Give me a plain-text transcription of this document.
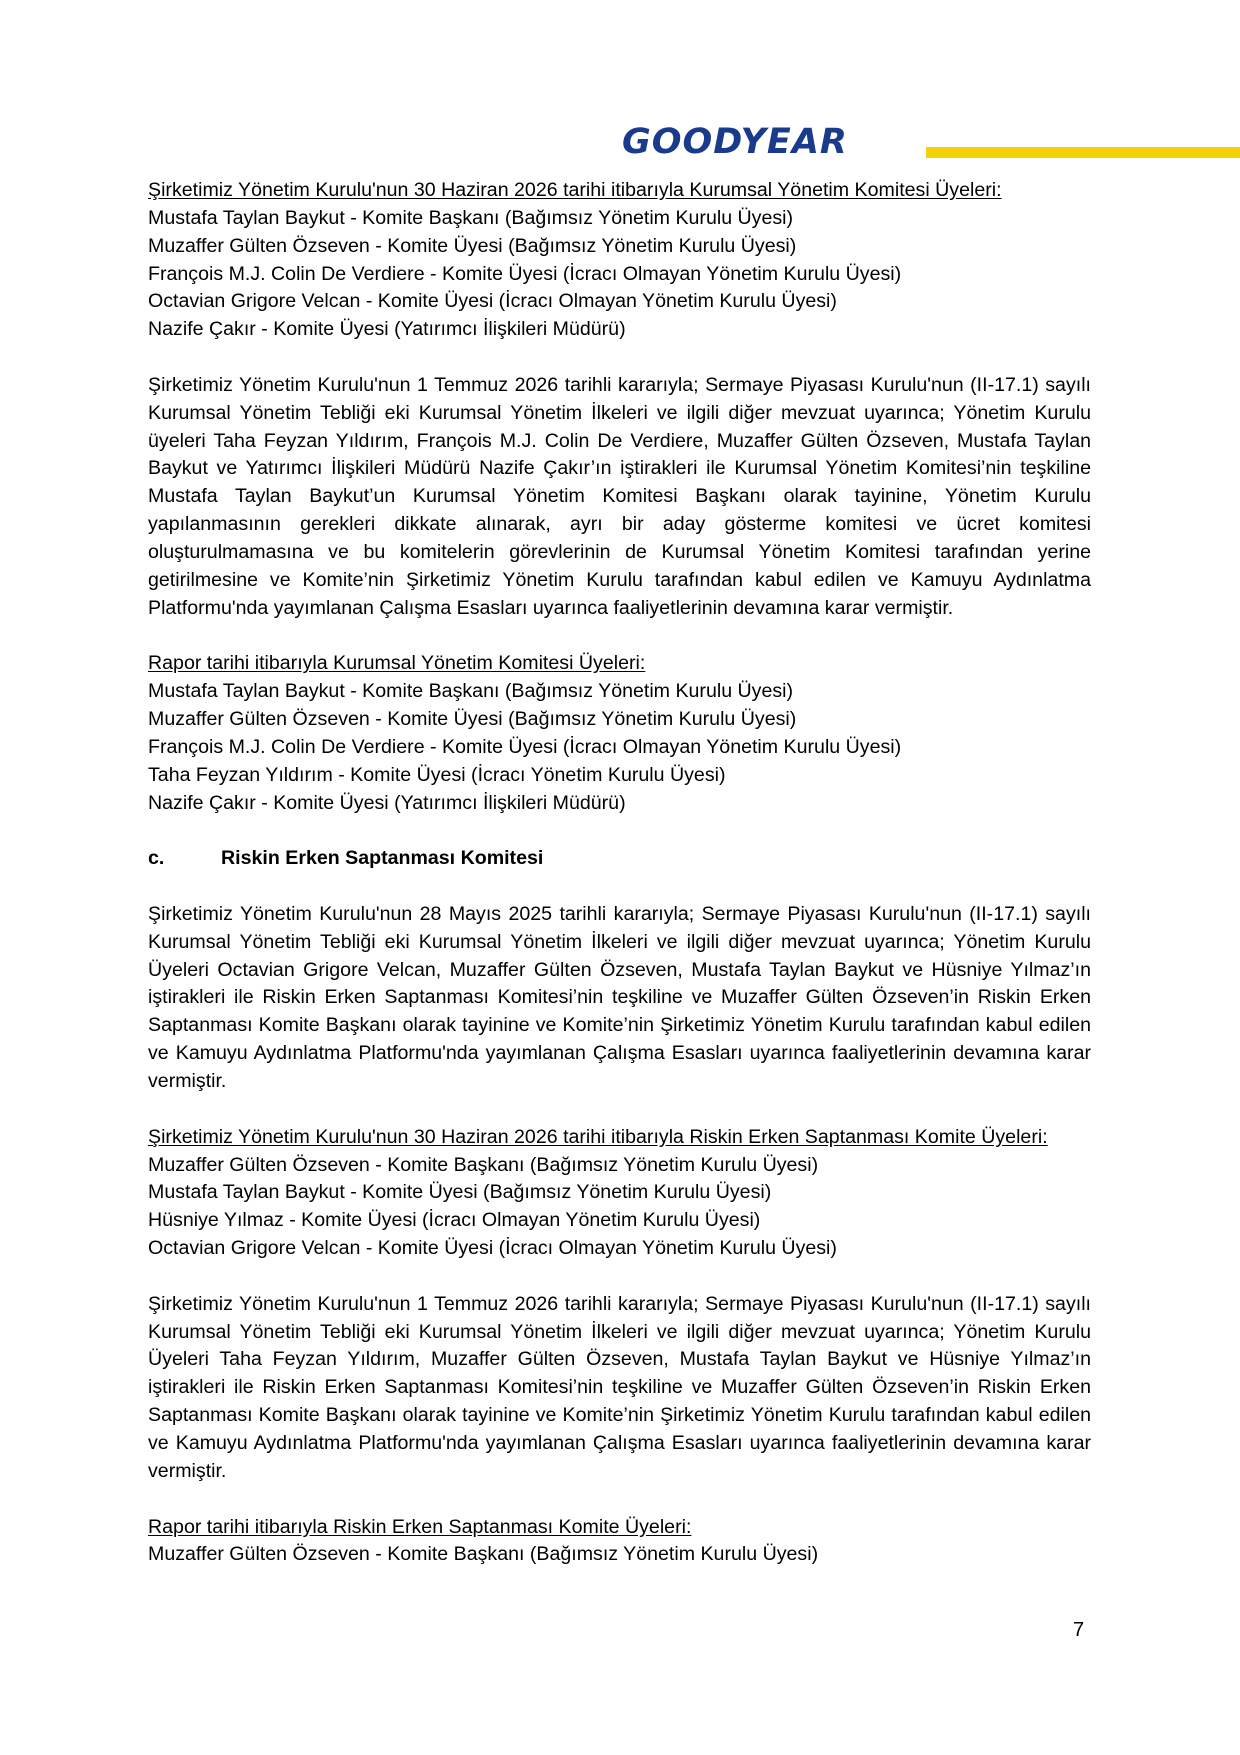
GOODYEAR
Şirketimiz Yönetim Kurulu'nun 30 Haziran 2026 tarihi itibarıyla Kurumsal Yönetim Komitesi Üyeleri:
Mustafa Taylan Baykut - Komite Başkanı (Bağımsız Yönetim Kurulu Üyesi)
Muzaffer Gülten Özseven - Komite Üyesi (Bağımsız Yönetim Kurulu Üyesi)
François M.J. Colin De Verdiere - Komite Üyesi (İcracı Olmayan Yönetim Kurulu Üyesi)
Octavian Grigore Velcan - Komite Üyesi (İcracı Olmayan Yönetim Kurulu Üyesi)
Nazife Çakır - Komite Üyesi (Yatırımcı İlişkileri Müdürü)

Şirketimiz Yönetim Kurulu'nun 1 Temmuz 2026 tarihli kararıyla; Sermaye Piyasası Kurulu'nun (II-17.1) sayılı Kurumsal Yönetim Tebliği eki Kurumsal Yönetim İlkeleri ve ilgili diğer mevzuat uyarınca; Yönetim Kurulu üyeleri Taha Feyzan Yıldırım, François M.J. Colin De Verdiere, Muzaffer Gülten Özseven, Mustafa Taylan Baykut ve Yatırımcı İlişkileri Müdürü Nazife Çakır’ın iştirakleri ile Kurumsal Yönetim Komitesi’nin teşkiline Mustafa Taylan Baykut’un Kurumsal Yönetim Komitesi Başkanı olarak tayinine, Yönetim Kurulu yapılanmasının gerekleri dikkate alınarak, ayrı bir aday gösterme komitesi ve ücret komitesi oluşturulmamasına ve bu komitelerin görevlerinin de Kurumsal Yönetim Komitesi tarafından yerine getirilmesine ve Komite’nin Şirketimiz Yönetim Kurulu tarafından kabul edilen ve Kamuyu Aydınlatma Platformu'nda yayımlanan Çalışma Esasları uyarınca faaliyetlerinin devamına karar vermiştir.

Rapor tarihi itibarıyla Kurumsal Yönetim Komitesi Üyeleri:
Mustafa Taylan Baykut - Komite Başkanı (Bağımsız Yönetim Kurulu Üyesi)
Muzaffer Gülten Özseven - Komite Üyesi (Bağımsız Yönetim Kurulu Üyesi)
François M.J. Colin De Verdiere - Komite Üyesi (İcracı Olmayan Yönetim Kurulu Üyesi)
Taha Feyzan Yıldırım - Komite Üyesi (İcracı Yönetim Kurulu Üyesi)
Nazife Çakır - Komite Üyesi (Yatırımcı İlişkileri Müdürü)
c.	Riskin Erken Saptanması Komitesi

Şirketimiz Yönetim Kurulu'nun 28 Mayıs 2025 tarihli kararıyla; Sermaye Piyasası Kurulu'nun (II-17.1) sayılı Kurumsal Yönetim Tebliği eki Kurumsal Yönetim İlkeleri ve ilgili diğer mevzuat uyarınca; Yönetim Kurulu Üyeleri Octavian Grigore Velcan, Muzaffer Gülten Özseven, Mustafa Taylan Baykut ve Hüsniye Yılmaz’ın iştirakleri ile Riskin Erken Saptanması Komitesi’nin teşkiline ve Muzaffer Gülten Özseven’in Riskin Erken Saptanması Komite Başkanı olarak tayinine ve Komite’nin Şirketimiz Yönetim Kurulu tarafından kabul edilen ve Kamuyu Aydınlatma Platformu'nda yayımlanan Çalışma Esasları uyarınca faaliyetlerinin devamına karar vermiştir.

Şirketimiz Yönetim Kurulu'nun 30 Haziran 2026 tarihi itibarıyla Riskin Erken Saptanması Komite Üyeleri:
Muzaffer Gülten Özseven - Komite Başkanı (Bağımsız Yönetim Kurulu Üyesi)
Mustafa Taylan Baykut - Komite Üyesi (Bağımsız Yönetim Kurulu Üyesi)
Hüsniye Yılmaz - Komite Üyesi (İcracı Olmayan Yönetim Kurulu Üyesi)
Octavian Grigore Velcan - Komite Üyesi (İcracı Olmayan Yönetim Kurulu Üyesi)

Şirketimiz Yönetim Kurulu'nun 1 Temmuz 2026 tarihli kararıyla; Sermaye Piyasası Kurulu'nun (II-17.1) sayılı Kurumsal Yönetim Tebliği eki Kurumsal Yönetim İlkeleri ve ilgili diğer mevzuat uyarınca; Yönetim Kurulu Üyeleri Taha Feyzan Yıldırım, Muzaffer Gülten Özseven, Mustafa Taylan Baykut ve Hüsniye Yılmaz’ın iştirakleri ile Riskin Erken Saptanması Komitesi’nin teşkiline ve Muzaffer Gülten Özseven’in Riskin Erken Saptanması Komite Başkanı olarak tayinine ve Komite’nin Şirketimiz Yönetim Kurulu tarafından kabul edilen ve Kamuyu Aydınlatma Platformu'nda yayımlanan Çalışma Esasları uyarınca faaliyetlerinin devamına karar vermiştir.

Rapor tarihi itibarıyla Riskin Erken Saptanması Komite Üyeleri:
Muzaffer Gülten Özseven - Komite Başkanı (Bağımsız Yönetim Kurulu Üyesi)
7
